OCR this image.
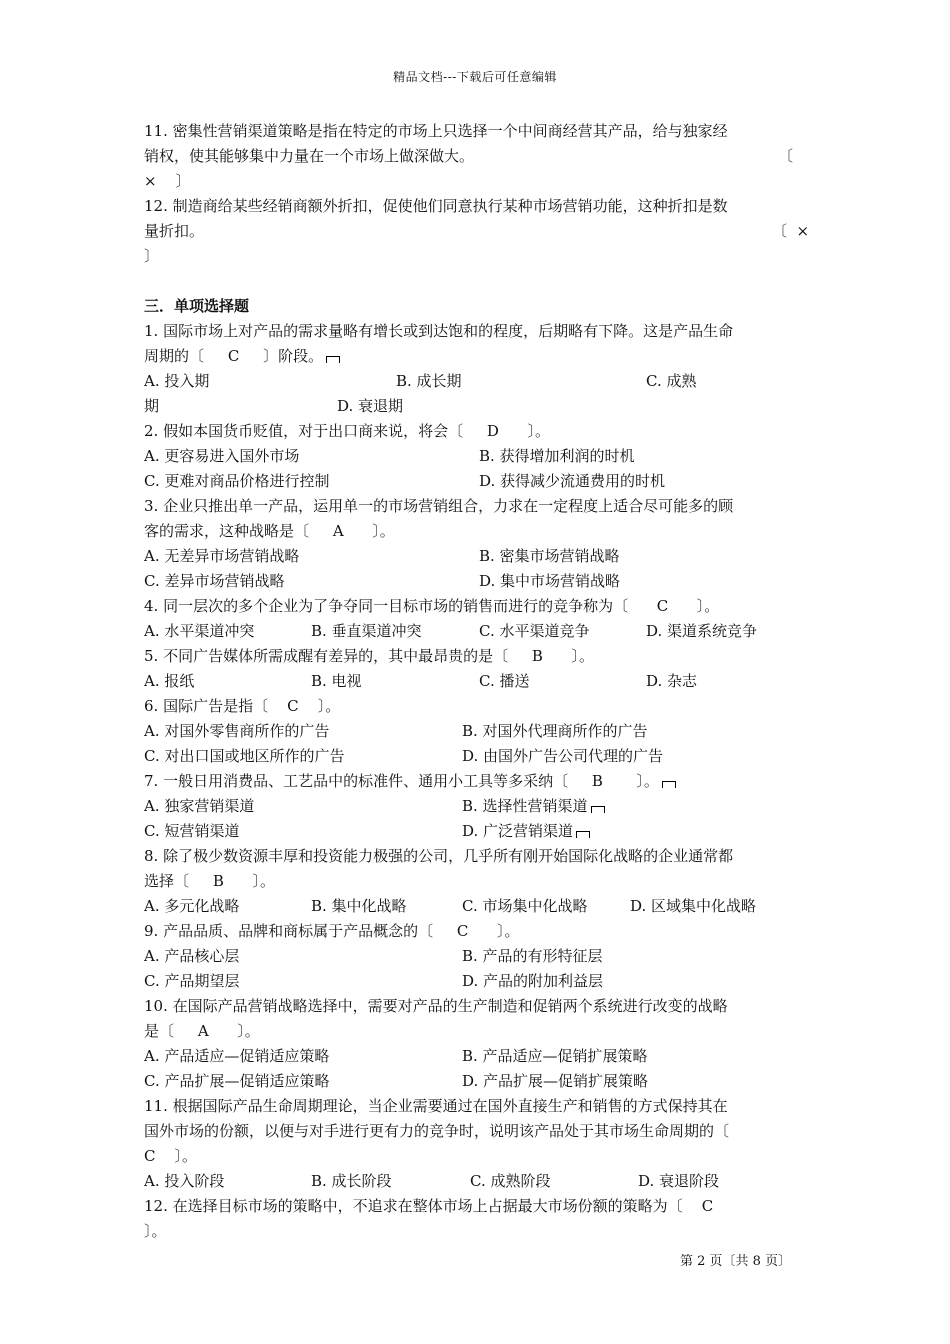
精品文档---下载后可任意编辑
11. 密集性营销渠道策略是指在特定的市场上只选择一个中间商经营其产品，给与独家经
销权，使其能够集中力量在一个市场上做深做大。	〔
×    〕
12. 制造商给某些经销商额外折扣，促使他们同意执行某种市场营销功能，这种折扣是数
量折扣。	〔  ×
〕
三．单项选择题
1. 国际市场上对产品的需求量略有增长或到达饱和的程度，后期略有下降。这是产品生命
周期的〔     C     〕阶段。
A. 投入期	B. 成长期	C. 成熟
期	D. 衰退期
2. 假如本国货币贬值，对于出口商来说，将会〔     D      〕。
A. 更容易进入国外市场	B. 获得增加利润的时机
C. 更难对商品价格进行控制	D. 获得减少流通费用的时机
3. 企业只推出单一产品，运用单一的市场营销组合，力求在一定程度上适合尽可能多的顾
客的需求，这种战略是〔     A      〕。
A. 无差异市场营销战略	B. 密集市场营销战略
C. 差异市场营销战略	D. 集中市场营销战略
4. 同一层次的多个企业为了争夺同一目标市场的销售而进行的竞争称为〔      C      〕。
A. 水平渠道冲突	B. 垂直渠道冲突	C. 水平渠道竞争	D. 渠道系统竞争
5. 不同广告媒体所需成醒有差异的，其中最昂贵的是〔     B      〕。
A. 报纸	B. 电视	C. 播送	D. 杂志
6. 国际广告是指〔    C    〕。
A. 对国外零售商所作的广告	B. 对国外代理商所作的广告
C. 对出口国或地区所作的广告	D. 由国外广告公司代理的广告
7. 一般日用消费品、工艺品中的标准件、通用小工具等多采纳〔     B       〕。
A. 独家营销渠道	B. 选择性营销渠道
C. 短营销渠道	D. 广泛营销渠道
8. 除了极少数资源丰厚和投资能力极强的公司，几乎所有刚开始国际化战略的企业通常都
选择〔     B      〕。
A. 多元化战略	B. 集中化战略	C. 市场集中化战略	D. 区域集中化战略
9. 产品品质、品牌和商标属于产品概念的〔     C      〕。
A. 产品核心层	B. 产品的有形特征层
C. 产品期望层	D. 产品的附加利益层
10. 在国际产品营销战略选择中，需要对产品的生产制造和促销两个系统进行改变的战略
是〔     A      〕。
A. 产品适应—促销适应策略	B. 产品适应—促销扩展策略
C. 产品扩展—促销适应策略	D. 产品扩展—促销扩展策略
11. 根据国际产品生命周期理论，当企业需要通过在国外直接生产和销售的方式保持其在
国外市场的份额，以便与对手进行更有力的竞争时，说明该产品处于其市场生命周期的〔
C    〕。
A. 投入阶段	B. 成长阶段	C. 成熟阶段	D. 衰退阶段
12. 在选择目标市场的策略中，不追求在整体市场上占据最大市场份额的策略为〔    C
〕。
第 2 页〔共 8 页〕
